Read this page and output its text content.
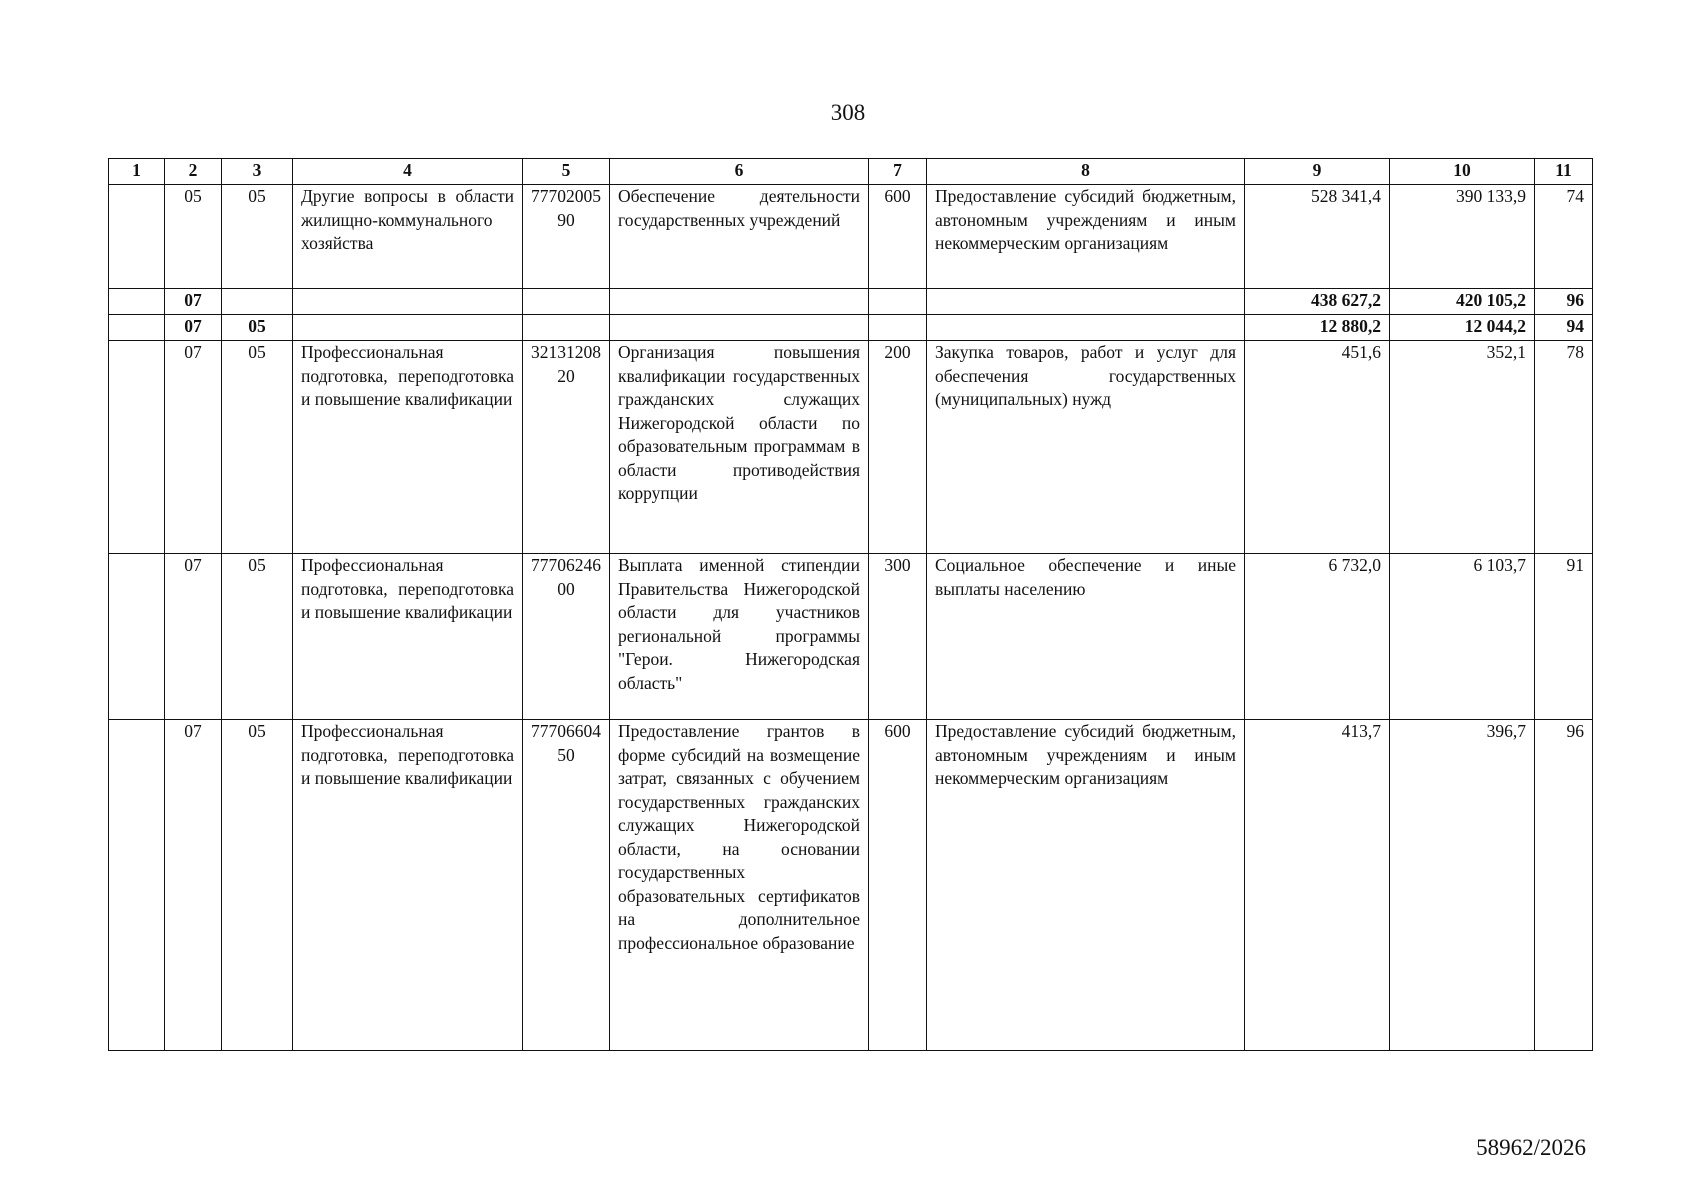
308
1	2	3	4	5	6	7	8	9	10	11
	05	05	Другие вопросы в области жилищно-коммунального хозяйства	7770200590	Обеспечение деятельности государственных учреждений	600	Предоставление субсидий бюджетным, автономным учреждениям и иным некоммерческим организациям	528 341,4	390 133,9	74
	07							438 627,2	420 105,2	96
	07	05						12 880,2	12 044,2	94
	07	05	Профессиональная подготовка, переподготовка и повышение квалификации	3213120820	Организация повышения квалификации государственных гражданских служащих Нижегородской области по образовательным программам в области противодействия коррупции	200	Закупка товаров, работ и услуг для обеспечения государственных (муниципальных) нужд	451,6	352,1	78
	07	05	Профессиональная подготовка, переподготовка и повышение квалификации	7770624600	Выплата именной стипендии Правительства Нижегородской области для участников региональной программы "Герои. Нижегородская область"	300	Социальное обеспечение и иные выплаты населению	6 732,0	6 103,7	91
	07	05	Профессиональная подготовка, переподготовка и повышение квалификации	7770660450	Предоставление грантов в форме субсидий на возмещение затрат, связанных с обучением государственных гражданских служащих Нижегородской области, на основании государственных образовательных сертификатов на дополнительное профессиональное образование	600	Предоставление субсидий бюджетным, автономным учреждениям и иным некоммерческим организациям	413,7	396,7	96
58962/2026
